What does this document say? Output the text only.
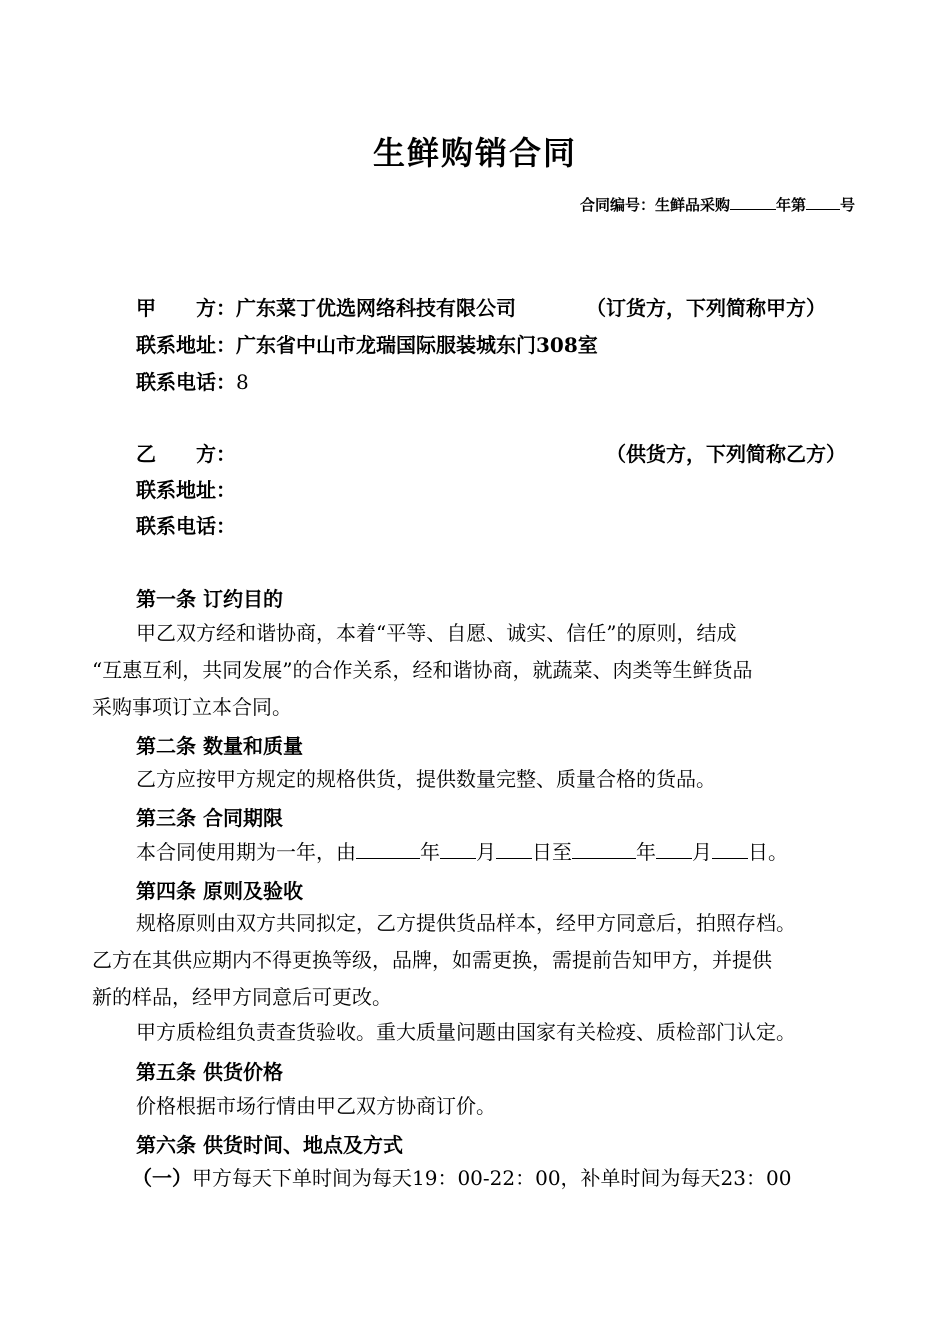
生鲜购销合同
合同编号：生鲜品采购	年第 号
甲　　方：广东菜丁优选网络科技有限公司	（订货方，下列简称甲方）
联系地址：广东省中山市龙瑞国际服装城东门308室
联系电话：8
乙　　方：	（供货方，下列简称乙方）
联系地址：
联系电话：
第一条 订约目的
甲乙双方经和谐协商，本着“平等、自愿、诚实、信任”的原则，结成
“互惠互利，共同发展”的合作关系，经和谐协商，就蔬菜、肉类等生鲜货品
采购事项订立本合同。
第二条 数量和质量
乙方应按甲方规定的规格供货，提供数量完整、质量合格的货品。
第三条 合同期限
本合同使用期为一年，由	年 月 日至	年 月 日。
第四条 原则及验收
规格原则由双方共同拟定，乙方提供货品样本，经甲方同意后，拍照存档。
乙方在其供应期内不得更换等级，品牌，如需更换，需提前告知甲方，并提供
新的样品，经甲方同意后可更改。
甲方质检组负责查货验收。重大质量问题由国家有关检疫、质检部门认定。
第五条 供货价格
价格根据市场行情由甲乙双方协商订价。
第六条 供货时间、地点及方式
（一）甲方每天下单时间为每天19：00-22：00，补单时间为每天23：00
